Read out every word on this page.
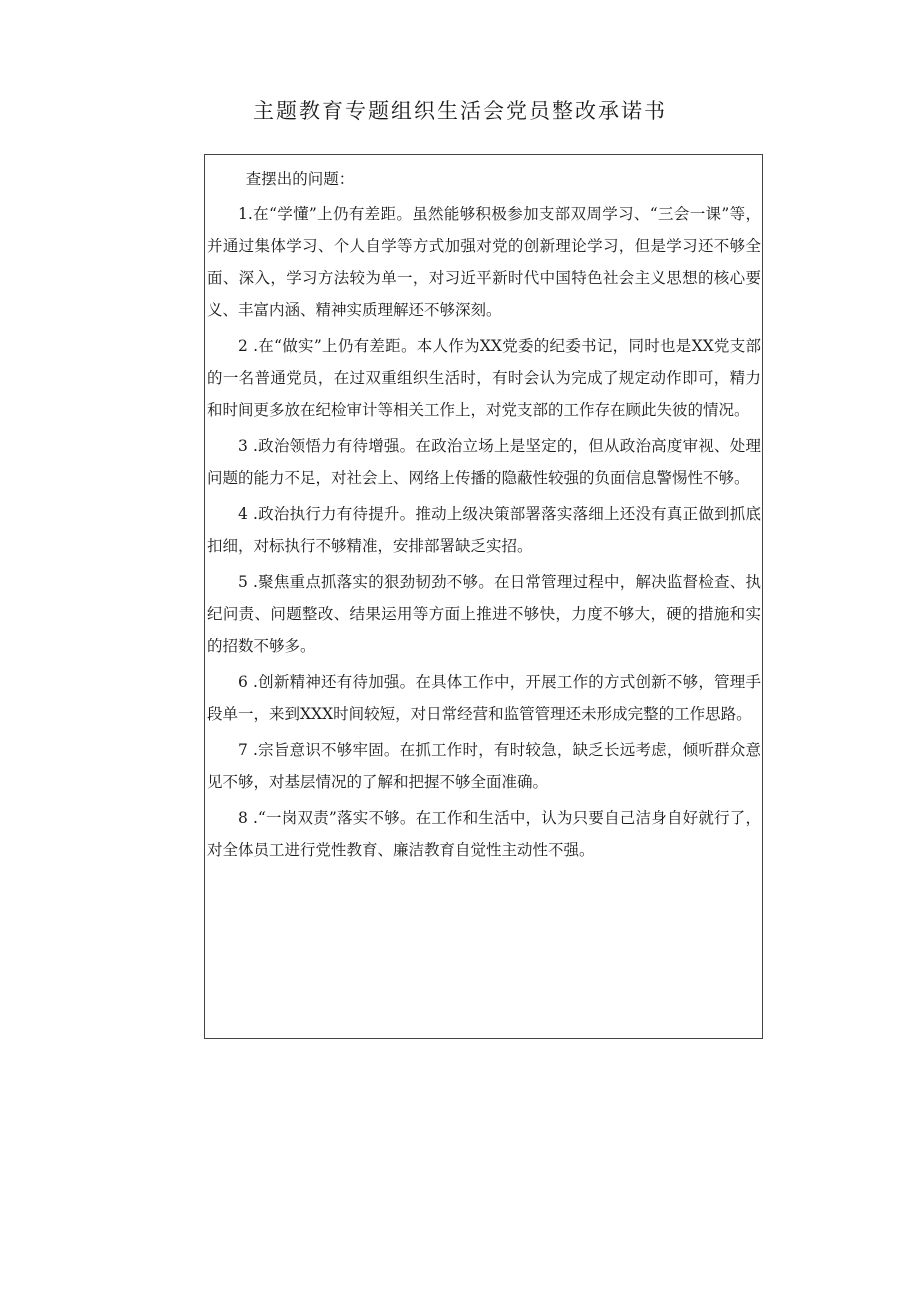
主题教育专题组织生活会党员整改承诺书

查摆出的问题：

1.在“学懂”上仍有差距。虽然能够积极参加支部双周学习、“三会一课”等，并通过集体学习、个人自学等方式加强对党的创新理论学习，但是学习还不够全面、深入，学习方法较为单一，对习近平新时代中国特色社会主义思想的核心要义、丰富内涵、精神实质理解还不够深刻。

2 .在“做实”上仍有差距。本人作为XX党委的纪委书记，同时也是XX党支部的一名普通党员，在过双重组织生活时，有时会认为完成了规定动作即可，精力和时间更多放在纪检审计等相关工作上，对党支部的工作存在顾此失彼的情况。

3 .政治领悟力有待增强。在政治立场上是坚定的，但从政治高度审视、处理问题的能力不足，对社会上、网络上传播的隐蔽性较强的负面信息警惕性不够。

4 .政治执行力有待提升。推动上级决策部署落实落细上还没有真正做到抓底扣细，对标执行不够精准，安排部署缺乏实招。

5 .聚焦重点抓落实的狠劲韧劲不够。在日常管理过程中，解决监督检查、执纪问责、问题整改、结果运用等方面上推进不够快，力度不够大，硬的措施和实的招数不够多。

6 .创新精神还有待加强。在具体工作中，开展工作的方式创新不够，管理手段单一，来到XXX时间较短，对日常经营和监管管理还未形成完整的工作思路。

7 .宗旨意识不够牢固。在抓工作时，有时较急，缺乏长远考虑，倾听群众意见不够，对基层情况的了解和把握不够全面准确。

8 .“一岗双责”落实不够。在工作和生活中，认为只要自己洁身自好就行了，对全体员工进行党性教育、廉洁教育自觉性主动性不强。
